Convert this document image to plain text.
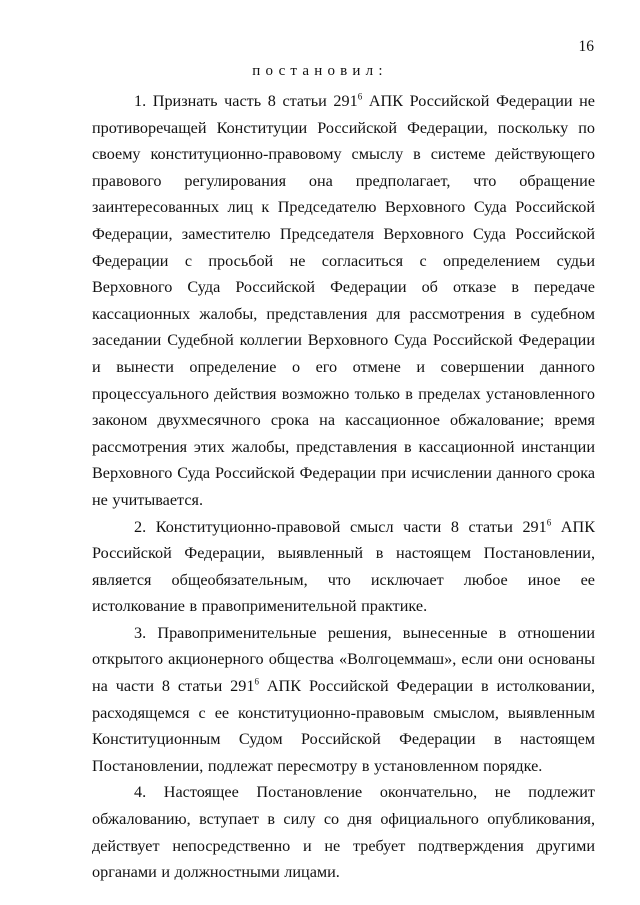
16
постановил:

1. Признать часть 8 статьи $291^6$ АПК Российской Федерации не противоречащей Конституции Российской Федерации, поскольку по своему конституционно-правовому смыслу в системе действующего правового регулирования она предполагает, что обращение заинтересованных лиц к Председателю Верховного Суда Российской Федерации, заместителю Председателя Верховного Суда Российской Федерации с просьбой не согласиться с определением судьи Верховного Суда Российской Федерации об отказе в передаче кассационных жалобы, представления для рассмотрения в судебном заседании Судебной коллегии Верховного Суда Российской Федерации и вынести определение о его отмене и совершении данного процессуального действия возможно только в пределах установленного законом двухмесячного срока на кассационное обжалование; время рассмотрения этих жалобы, представления в кассационной инстанции Верховного Суда Российской Федерации при исчислении данного срока не учитывается.

2. Конституционно-правовой смысл части 8 статьи $291^6$ АПК Российской Федерации, выявленный в настоящем Постановлении, является общеобязательным, что исключает любое иное ее истолкование в правоприменительной практике.

3. Правоприменительные решения, вынесенные в отношении открытого акционерного общества «Волгоцеммаш», если они основаны на части 8 статьи $291^6$ АПК Российской Федерации в истолковании, расходящемся с ее конституционно-правовым смыслом, выявленным Конституционным Судом Российской Федерации в настоящем Постановлении, подлежат пересмотру в установленном порядке.

4. Настоящее Постановление окончательно, не подлежит обжалованию, вступает в силу со дня официального опубликования, действует непосредственно и не требует подтверждения другими органами и должностными лицами.
